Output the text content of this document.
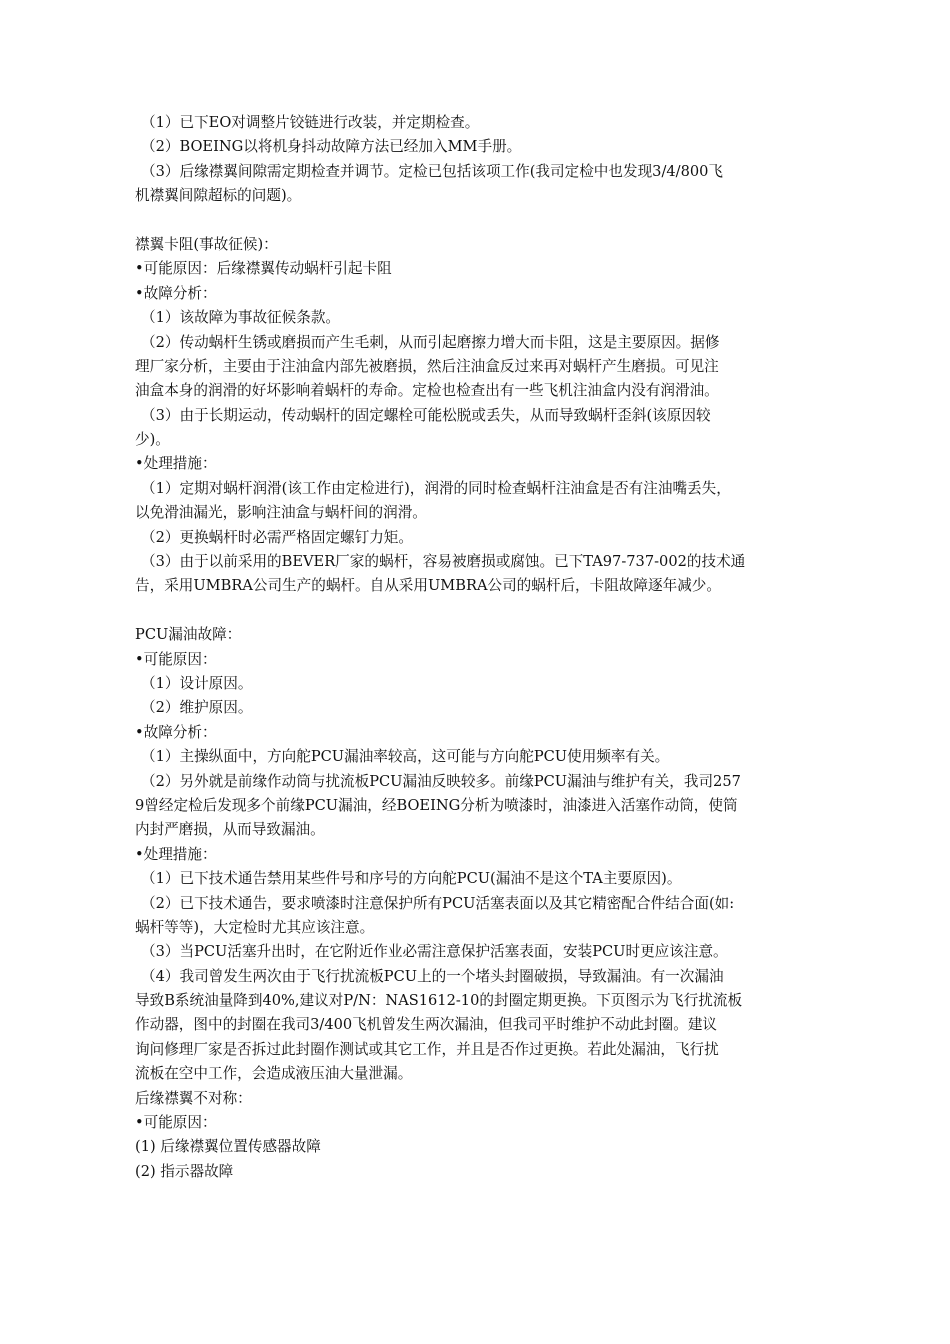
（1）已下EO对调整片铰链进行改装，并定期检查。
（2）BOEING以将机身抖动故障方法已经加入MM手册。
（3）后缘襟翼间隙需定期检查并调节。定检已包括该项工作(我司定检中也发现3/4/800飞
机襟翼间隙超标的问题)。
襟翼卡阻(事故征候)：
•可能原因：后缘襟翼传动蜗杆引起卡阻
•故障分析：
（1）该故障为事故征候条款。
（2）传动蜗杆生锈或磨损而产生毛刺，从而引起磨擦力增大而卡阻，这是主要原因。据修
理厂家分析，主要由于注油盒内部先被磨损，然后注油盒反过来再对蜗杆产生磨损。可见注
油盒本身的润滑的好坏影响着蜗杆的寿命。定检也检查出有一些飞机注油盒内没有润滑油。
（3）由于长期运动，传动蜗杆的固定螺栓可能松脱或丢失，从而导致蜗杆歪斜(该原因较
少)。
•处理措施：
（1）定期对蜗杆润滑(该工作由定检进行)，润滑的同时检查蜗杆注油盒是否有注油嘴丢失，
以免滑油漏光，影响注油盒与蜗杆间的润滑。
（2）更换蜗杆时必需严格固定螺钉力矩。
（3）由于以前采用的BEVER厂家的蜗杆，容易被磨损或腐蚀。已下TA97-737-002的技术通
告，采用UMBRA公司生产的蜗杆。自从采用UMBRA公司的蜗杆后，卡阻故障逐年减少。
PCU漏油故障：
•可能原因：
（1）设计原因。
（2）维护原因。
•故障分析：
（1）主操纵面中，方向舵PCU漏油率较高，这可能与方向舵PCU使用频率有关。
（2）另外就是前缘作动筒与扰流板PCU漏油反映较多。前缘PCU漏油与维护有关，我司257
9曾经定检后发现多个前缘PCU漏油，经BOEING分析为喷漆时，油漆进入活塞作动筒，使筒
内封严磨损，从而导致漏油。
•处理措施：
（1）已下技术通告禁用某些件号和序号的方向舵PCU(漏油不是这个TA主要原因)。
（2）已下技术通告，要求喷漆时注意保护所有PCU活塞表面以及其它精密配合件结合面(如:
蜗杆等等)，大定检时尤其应该注意。
（3）当PCU活塞升出时，在它附近作业必需注意保护活塞表面，安装PCU时更应该注意。
（4）我司曾发生两次由于飞行扰流板PCU上的一个堵头封圈破损，导致漏油。有一次漏油
导致B系统油量降到40%,建议对P/N：NAS1612-10的封圈定期更换。下页图示为飞行扰流板
作动器，图中的封圈在我司3/400飞机曾发生两次漏油，但我司平时维护不动此封圈。建议
询问修理厂家是否拆过此封圈作测试或其它工作，并且是否作过更换。若此处漏油，飞行扰
流板在空中工作，会造成液压油大量泄漏。
后缘襟翼不对称：
•可能原因：
(1) 后缘襟翼位置传感器故障
(2) 指示器故障
